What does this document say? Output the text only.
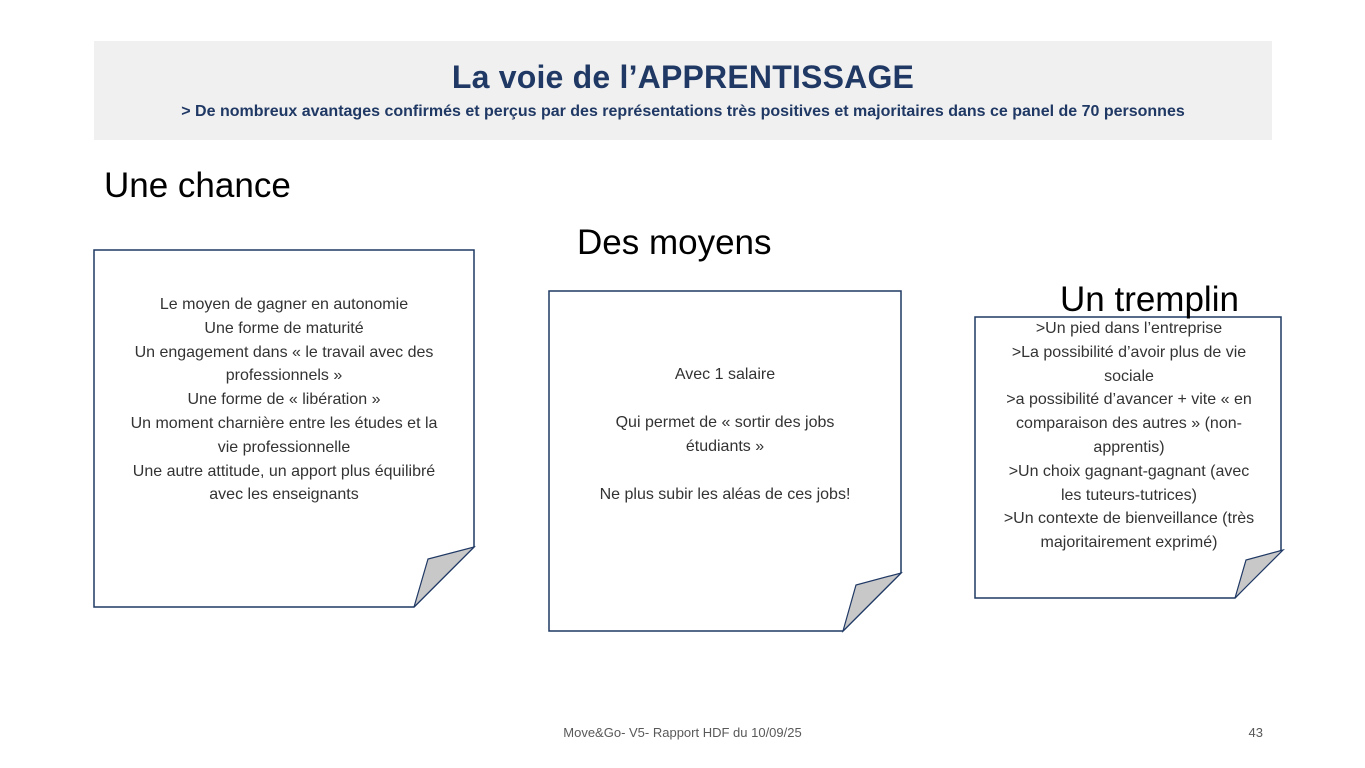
La voie de l’APPRENTISSAGE
> De nombreux avantages confirmés et perçus par des représentations très positives et majoritaires dans ce panel de 70 personnes
Une chance
Des moyens
Le moyen de gagner en autonomie
Une forme de maturité
Un engagement dans « le travail avec des
professionnels »
Une forme de « libération »
Un moment charnière entre les études et la
vie professionnelle
Une autre attitude, un apport plus équilibré
avec les enseignants
Avec 1 salaire

Qui permet de « sortir des jobs
étudiants »

Ne plus subir les aléas de ces jobs!
>Un pied dans l’entreprise
>La possibilité d’avoir plus de vie
sociale
>a possibilité d’avancer + vite « en
comparaison des autres » (non-
apprentis)
>Un choix gagnant-gagnant (avec
les tuteurs-tutrices)
>Un contexte de bienveillance (très
majoritairement exprimé)
Un tremplin
Move&Go- V5- Rapport HDF du 10/09/25	43
